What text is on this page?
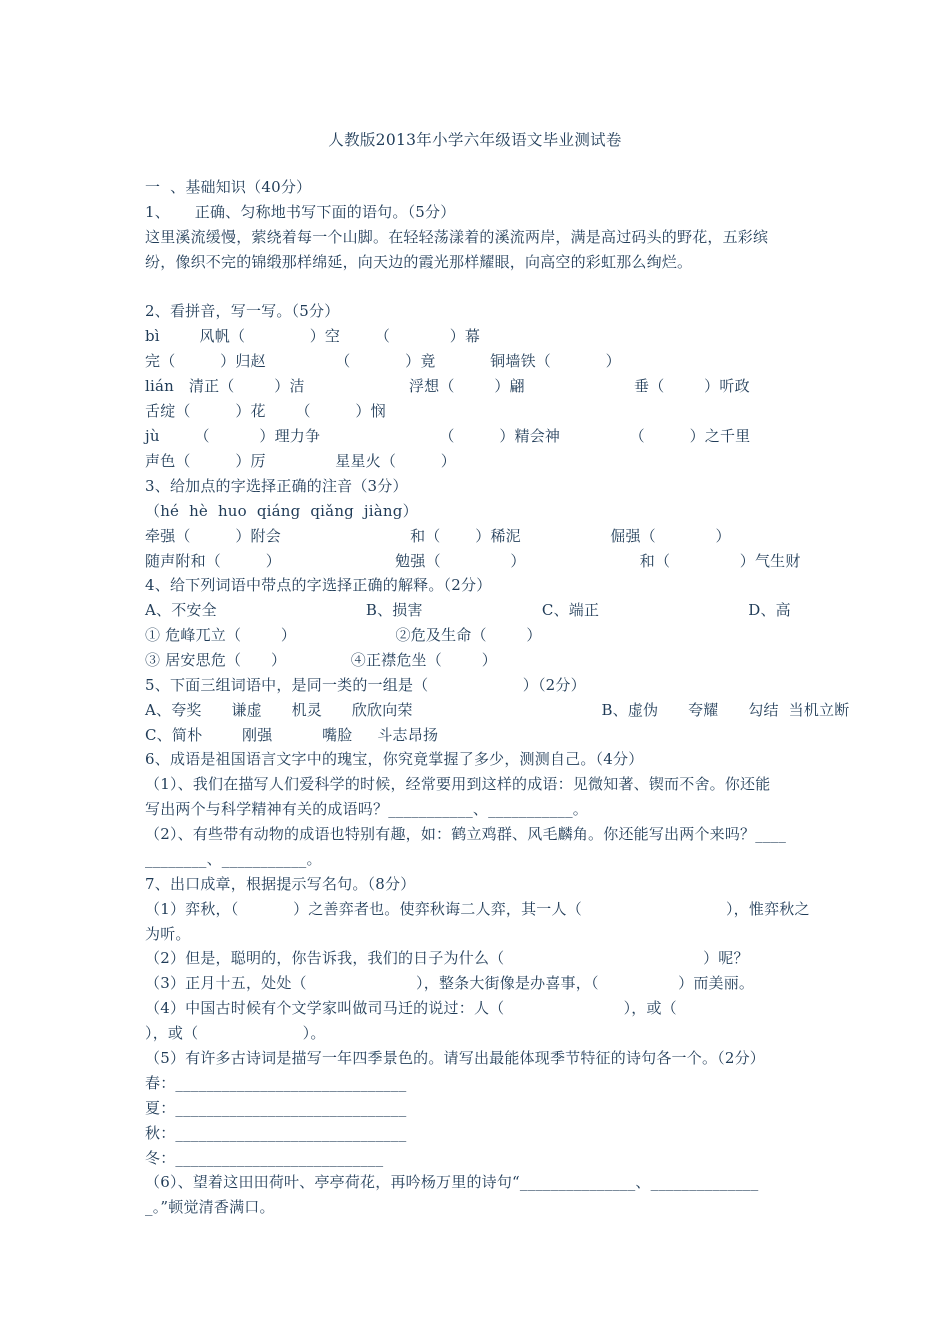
人教版2013年小学六年级语文毕业测试卷
一  、基础知识（40分）
1、     正确、匀称地书写下面的语句。（5分）
这里溪流缓慢，萦绕着每一个山脚。在轻轻荡漾着的溪流两岸，满是高过码头的野花，五彩缤
纷，像织不完的锦缎那样绵延，向天边的霞光那样耀眼，向高空的彩虹那么绚烂。
2、看拼音，写一写。（5分）
bì        风帆（             ）空       （            ）幕
完（         ）归赵              （           ）竟           铜墙铁（           ）
lián   清正（        ）洁                     浮想（        ）翩                      垂（        ）听政
舌绽（         ）花      （         ）悯
jù       （          ）理力争                        （         ）精会神              （         ）之千里
声色（         ）厉              星星火（         ）
3、给加点的字选择正确的注音（3分）
（hé  hè  huo  qiáng  qiǎng  jiàng）
牵强（         ）附会                          和（       ）稀泥                  倔强（            ）
随声附和（         ）                       勉强（              ）                       和（              ）气生财
4、给下列词语中带点的字选择正确的解释。（2分）
A、不安全                              B、损害                        C、端正                              D、高
① 危峰兀立（        ）                    ②危及生命（        ）
③ 居安思危（      ）             ④正襟危坐（        ）
5、下面三组词语中，是同一类的一组是（                   ）（2分）
A、夸奖      谦虚      机灵      欣欣向荣                                      B、虚伪      夸耀      勾结  当机立断
C、简朴        刚强          嘴脸     斗志昂扬
6、成语是祖国语言文字中的瑰宝，你究竟掌握了多少，测测自己。（4分）
（1）、我们在描写人们爱科学的时候，经常要用到这样的成语：见微知著、锲而不舍。你还能
写出两个与科学精神有关的成语吗？___________、___________。
（2）、有些带有动物的成语也特别有趣，如：鹤立鸡群、风毛麟角。你还能写出两个来吗？____
________、___________。
7、出口成章，根据提示写名句。（8分）
（1）弈秋，（           ）之善弈者也。使弈秋诲二人弈，其一人（                             ），惟弈秋之
为听。
（2）但是，聪明的，你告诉我，我们的日子为什么（                                        ）呢？
（3）正月十五，处处（                      ），整条大街像是办喜事，（                ）而美丽。
（4）中国古时候有个文学家叫做司马迁的说过：人（                        ），或（
），或（                     ）。
（5）有许多古诗词是描写一年四季景色的。请写出最能体现季节特征的诗句各一个。（2分）
春：______________________________
夏：______________________________
秋：______________________________
冬：___________________________
（6）、望着这田田荷叶、亭亭荷花，再吟杨万里的诗句“_______________、______________
_。”顿觉清香满口。
